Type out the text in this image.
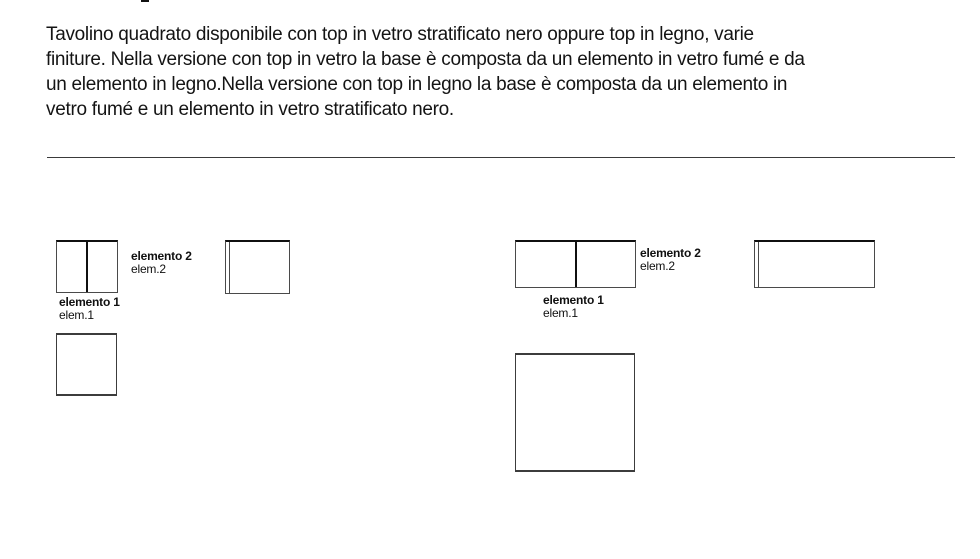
Tavolino quadrato disponibile con top in vetro stratificato nero oppure top in legno, varie
finiture. Nella versione con top in vetro la base è composta da un elemento in vetro fumé e da
un elemento in legno.Nella versione con top in legno la base è composta da un elemento in
vetro fumé e un elemento in vetro stratificato nero.
elemento 2
elem.2
elemento 1
elem.1
elemento 2
elem.2
elemento 1
elem.1
